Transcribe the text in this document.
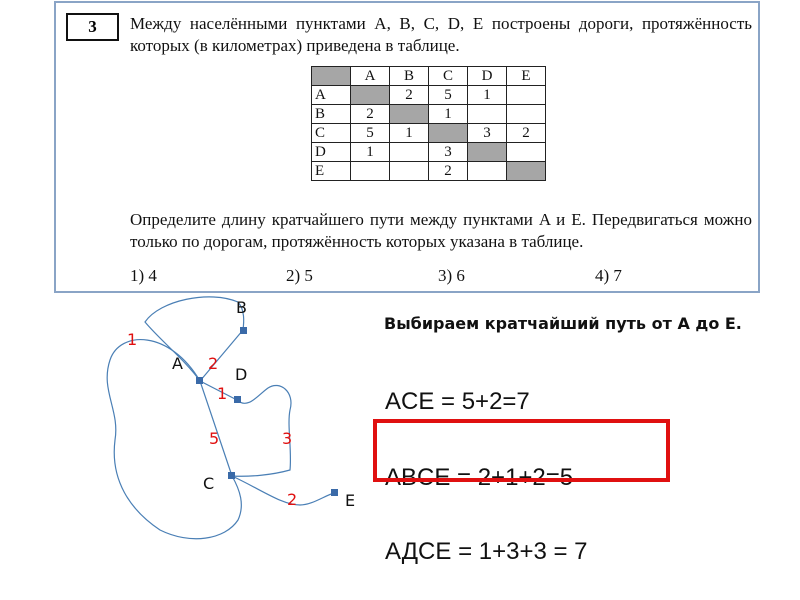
3	Между населёнными пунктами A, B, C, D, E построены дороги, протяжённость которых (в километрах) приведена в таблице.
	A	B	C	D	E
A		2	5	1	
B	2		1		
C	5	1		3	2
D	1		3		
E			2		
Определите длину кратчайшего пути между пунктами A и E. Передвигаться можно только по дорогам, протяжённость которых указана в таблице.
1) 4	2) 5	3) 6	4) 7
B
A
D
C
E
1
2
1
5	3
2
Выбираем кратчайший путь от A до E.
ACE = 5+2=7
ABCE = 2+1+2=5
АДCE = 1+3+3 = 7
